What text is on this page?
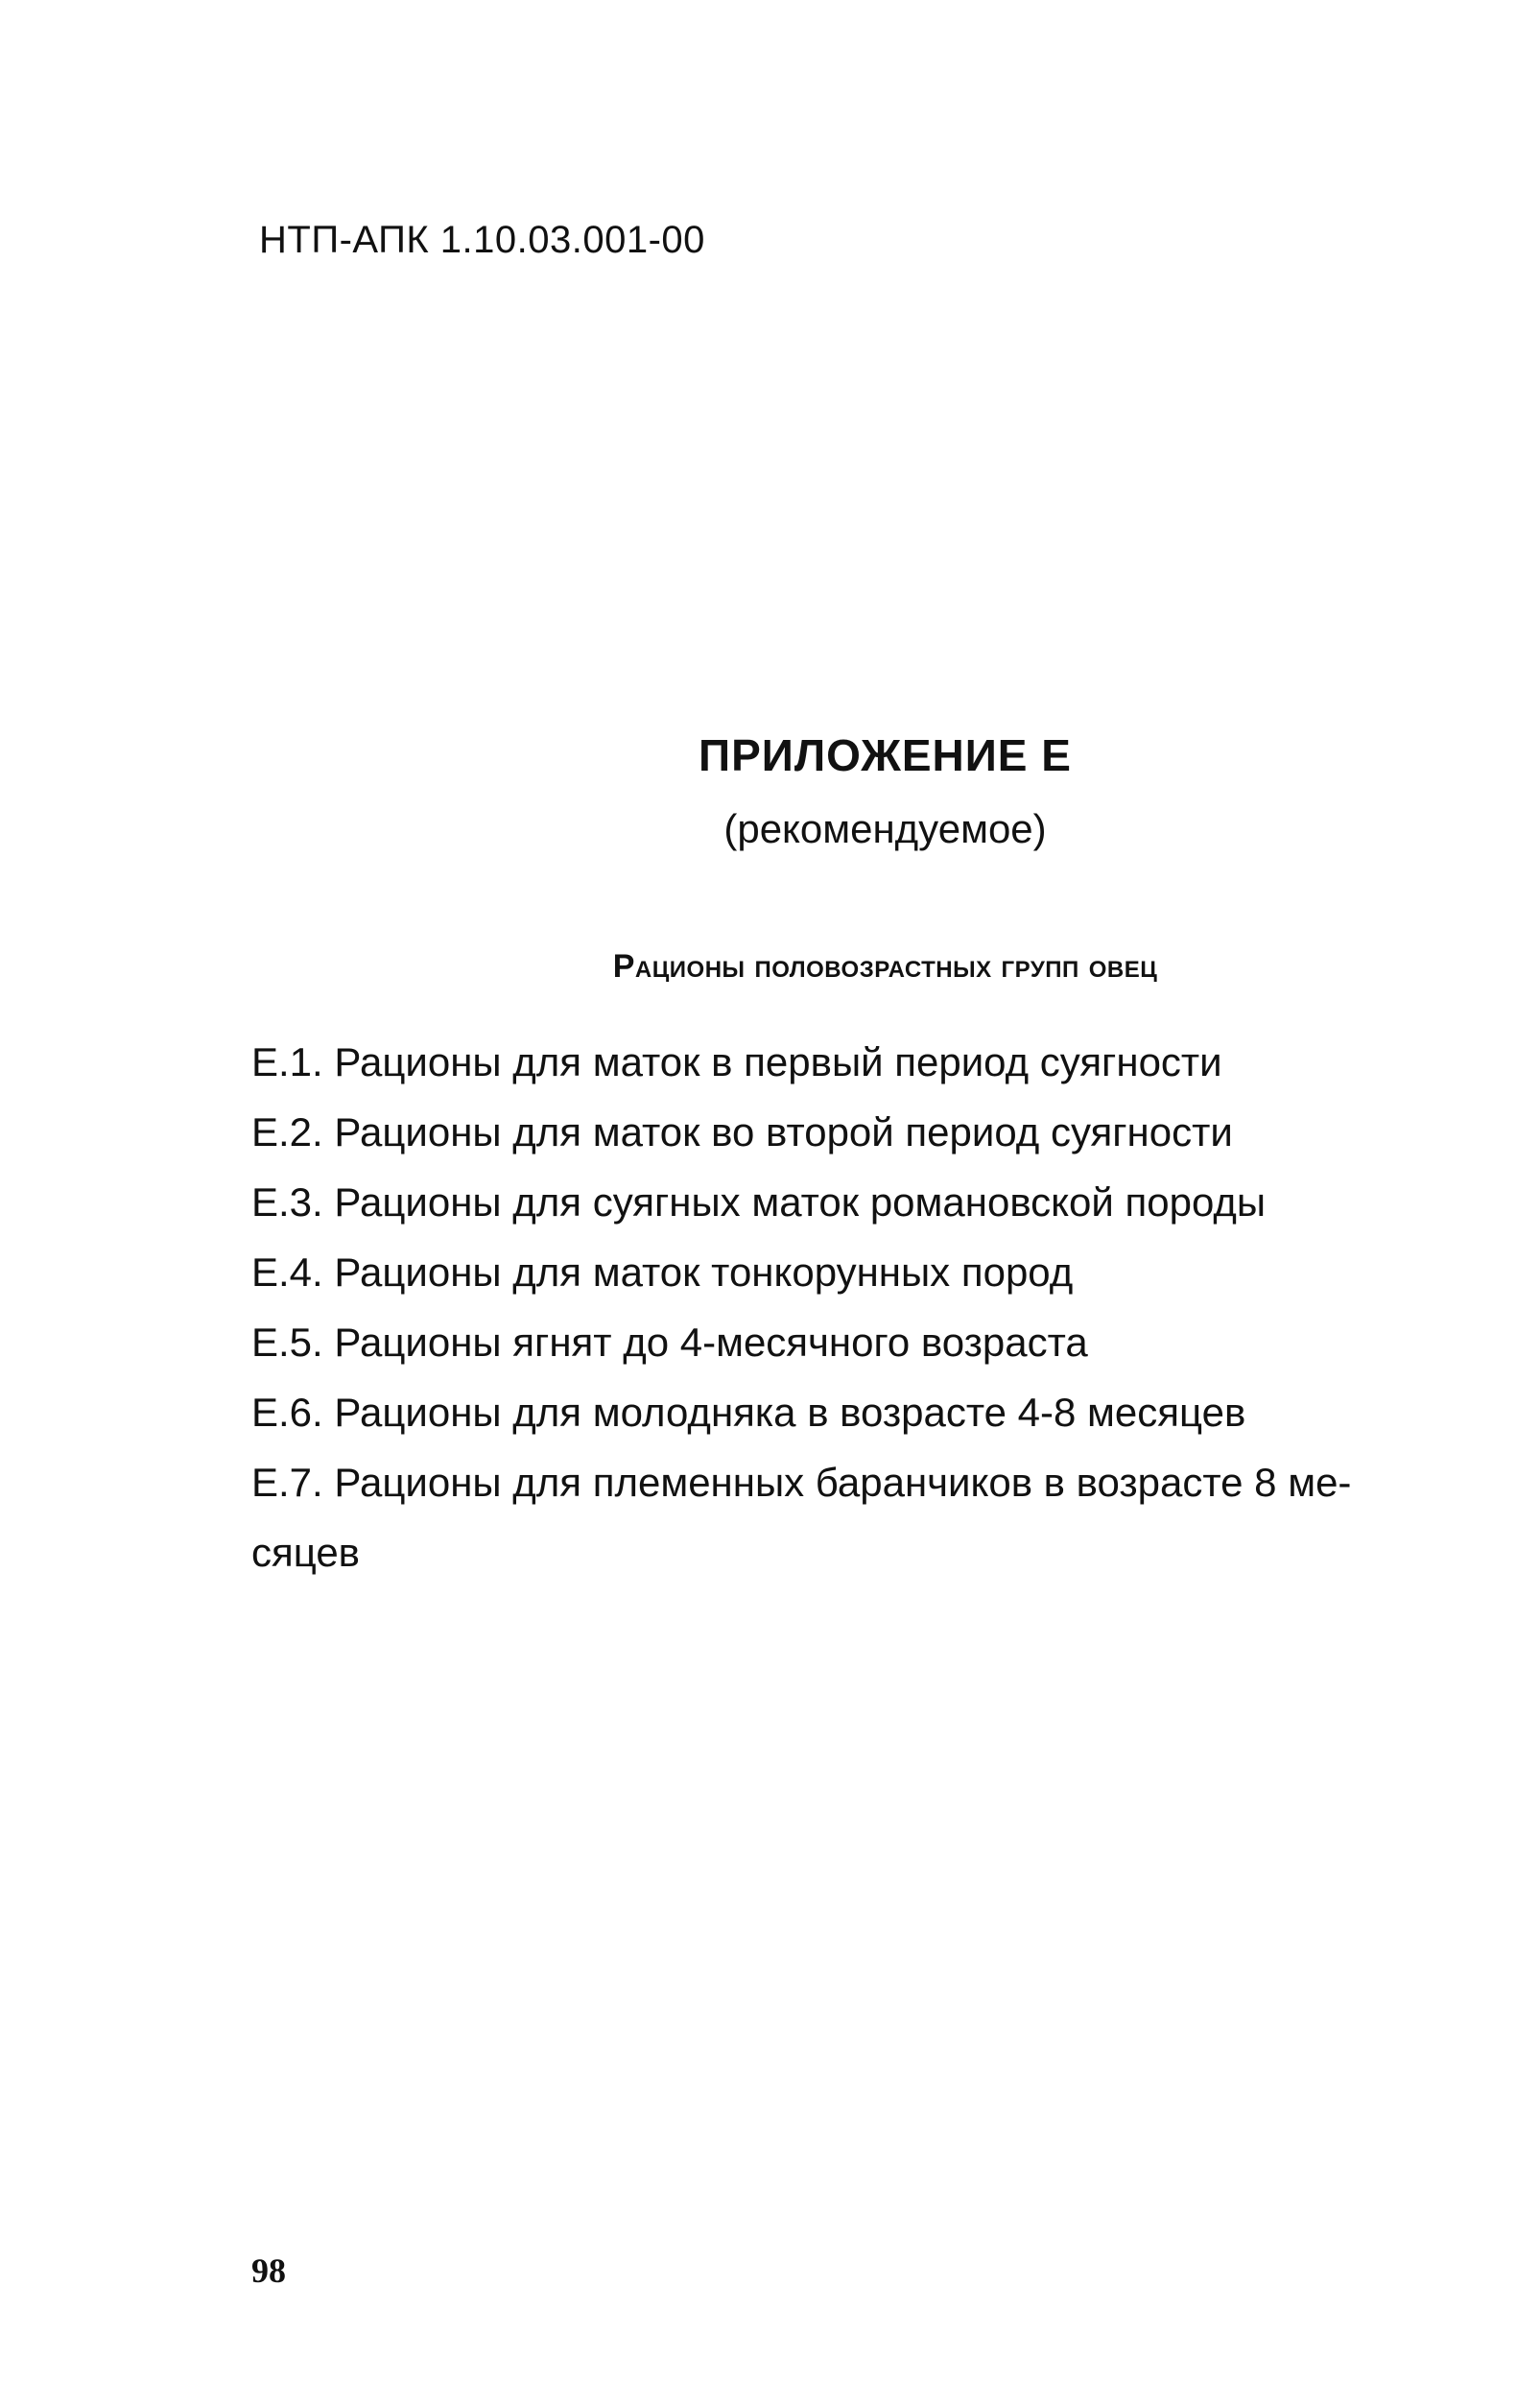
НТП-АПК 1.10.03.001-00
ПРИЛОЖЕНИЕ Е
(рекомендуемое)
Рационы половозрастных групп овец
Е.1. Рационы для маток в первый период суягности
Е.2. Рационы для маток во второй период суягности
Е.3. Рационы для суягных маток романовской породы
Е.4. Рационы для маток тонкорунных пород
Е.5. Рационы ягнят до 4-месячного возраста
Е.6. Рационы для молодняка в возрасте 4-8 месяцев
Е.7. Рационы для племенных баранчиков в возрасте 8 ме-
сяцев
98
